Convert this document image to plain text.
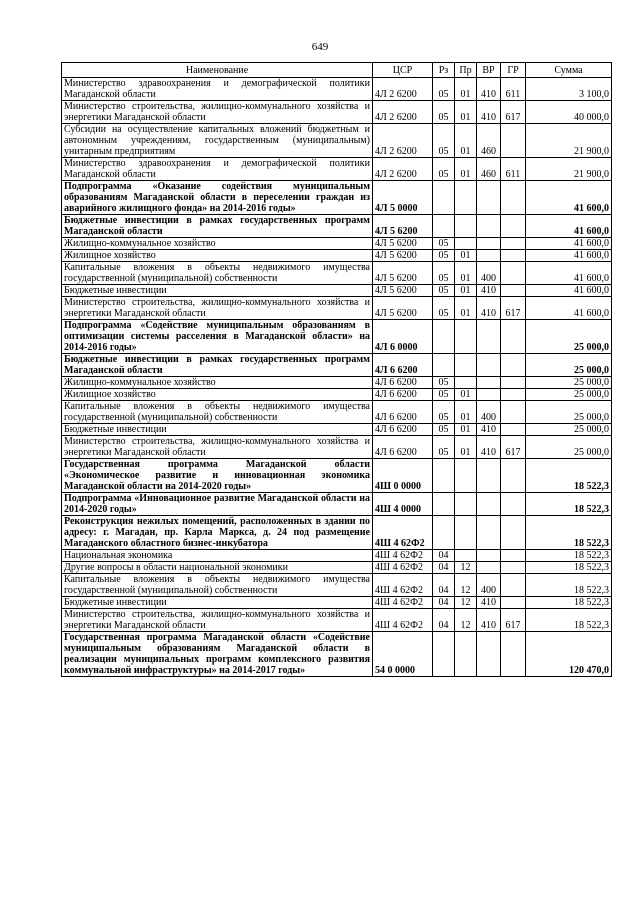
649
Наименование	ЦСР	Рз	Пр	ВР	ГР	Сумма
Министерство здравоохранения и демографической политики Магаданской области	4Л 2 6200	05	01	410	611	3 100,0
Министерство строительства, жилищно-коммунального хозяйства и энергетики Магаданской области	4Л 2 6200	05	01	410	617	40 000,0
Субсидии на осуществление капитальных вложений бюджетным и автономным учреждениям, государственным (муниципальным) унитарным предприятиям	4Л 2 6200	05	01	460		21 900,0
Министерство здравоохранения и демографической политики Магаданской области	4Л 2 6200	05	01	460	611	21 900,0
Подпрограмма «Оказание содействия муниципальным образованиям Магаданской области в переселении граждан из аварийного жилищного фонда» на 2014-2016 годы»	4Л 5 0000					41 600,0
Бюджетные инвестиции в рамках государственных программ Магаданской области	4Л 5 6200					41 600,0
Жилищно-коммунальное хозяйство	4Л 5 6200	05				41 600,0
Жилищное хозяйство	4Л 5 6200	05	01			41 600,0
Капитальные вложения в объекты недвижимого имущества государственной (муниципальной) собственности	4Л 5 6200	05	01	400		41 600,0
Бюджетные инвестиции	4Л 5 6200	05	01	410		41 600,0
Министерство строительства, жилищно-коммунального хозяйства и энергетики Магаданской области	4Л 5 6200	05	01	410	617	41 600,0
Подпрограмма «Содействие муниципальным образованиям в оптимизации системы расселения в Магаданской области» на 2014-2016 годы»	4Л 6 0000					25 000,0
Бюджетные инвестиции в рамках государственных программ Магаданской области	4Л 6 6200					25 000,0
Жилищно-коммунальное хозяйство	4Л 6 6200	05				25 000,0
Жилищное хозяйство	4Л 6 6200	05	01			25 000,0
Капитальные вложения в объекты недвижимого имущества государственной (муниципальной) собственности	4Л 6 6200	05	01	400		25 000,0
Бюджетные инвестиции	4Л 6 6200	05	01	410		25 000,0
Министерство строительства, жилищно-коммунального хозяйства и энергетики Магаданской области	4Л 6 6200	05	01	410	617	25 000,0
Государственная программа Магаданской области «Экономическое развитие и инновационная экономика Магаданской области на 2014-2020 годы»	4Ш 0 0000					18 522,3
Подпрограмма «Инновационное развитие Магаданской области на 2014-2020 годы»	4Ш 4 0000					18 522,3
Реконструкция нежилых помещений, расположенных в здании по адресу: г. Магадан, пр. Карла Маркса, д. 24 под размещение Магаданского областного бизнес-инкубатора	4Ш 4 62Ф2					18 522,3
Национальная экономика	4Ш 4 62Ф2	04				18 522,3
Другие вопросы в области национальной экономики	4Ш 4 62Ф2	04	12			18 522,3
Капитальные вложения в объекты недвижимого имущества государственной (муниципальной) собственности	4Ш 4 62Ф2	04	12	400		18 522,3
Бюджетные инвестиции	4Ш 4 62Ф2	04	12	410		18 522,3
Министерство строительства, жилищно-коммунального хозяйства и энергетики Магаданской области	4Ш 4 62Ф2	04	12	410	617	18 522,3
Государственная программа Магаданской области «Содействие муниципальным образованиям Магаданской области в реализации муниципальных программ комплексного развития коммунальной инфраструктуры» на 2014-2017 годы»	54 0 0000					120 470,0
